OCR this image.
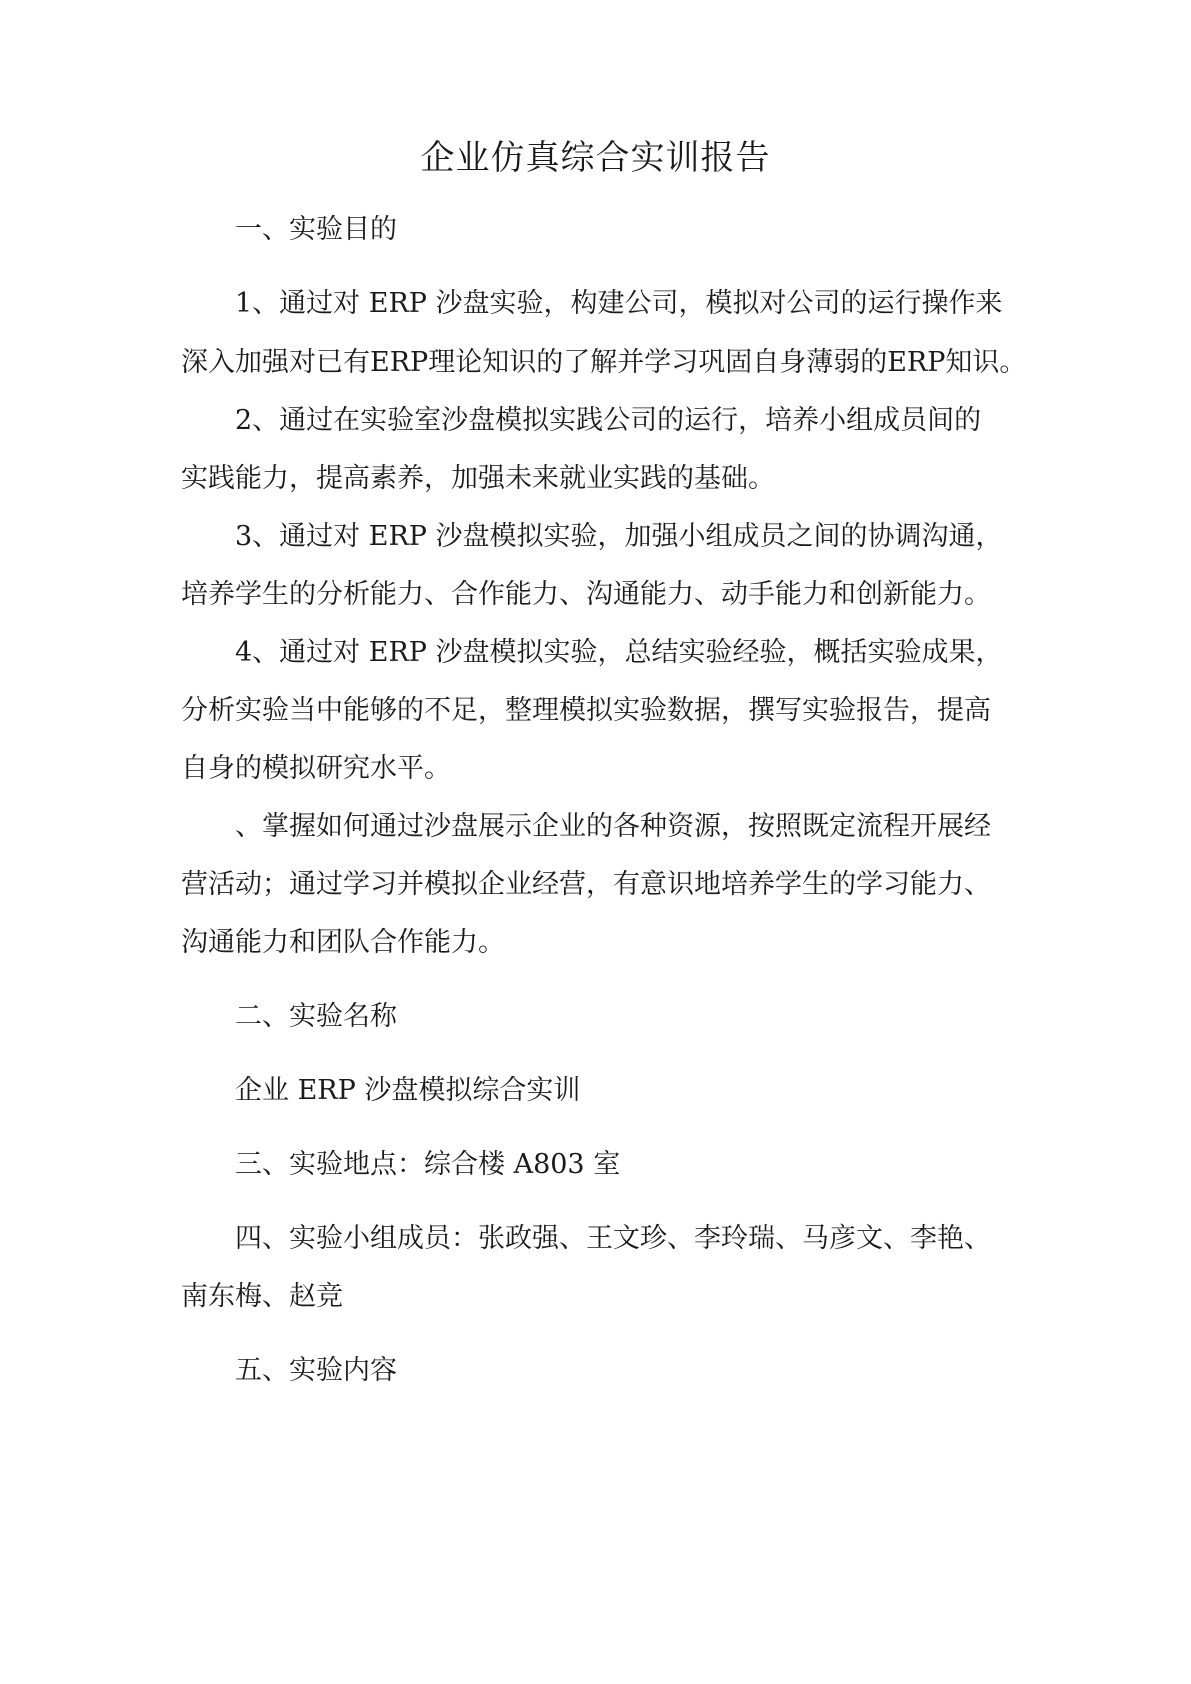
企业仿真综合实训报告
一、实验目的
1、通过对 ERP 沙盘实验，构建公司，模拟对公司的运行操作来
深入加强对已有ERP理论知识的了解并学习巩固自身薄弱的ERP知识。
2、通过在实验室沙盘模拟实践公司的运行，培养小组成员间的
实践能力，提高素养，加强未来就业实践的基础。
3、通过对 ERP 沙盘模拟实验，加强小组成员之间的协调沟通，
培养学生的分析能力、合作能力、沟通能力、动手能力和创新能力。
4、通过对 ERP 沙盘模拟实验，总结实验经验，概括实验成果，
分析实验当中能够的不足，整理模拟实验数据，撰写实验报告，提高
自身的模拟研究水平。
、掌握如何通过沙盘展示企业的各种资源，按照既定流程开展经
营活动；通过学习并模拟企业经营，有意识地培养学生的学习能力、
沟通能力和团队合作能力。
二、实验名称
企业 ERP 沙盘模拟综合实训
三、实验地点：综合楼 A803 室
四、实验小组成员：张政强、王文珍、李玲瑞、马彦文、李艳、
南东梅、赵竞
五、实验内容
